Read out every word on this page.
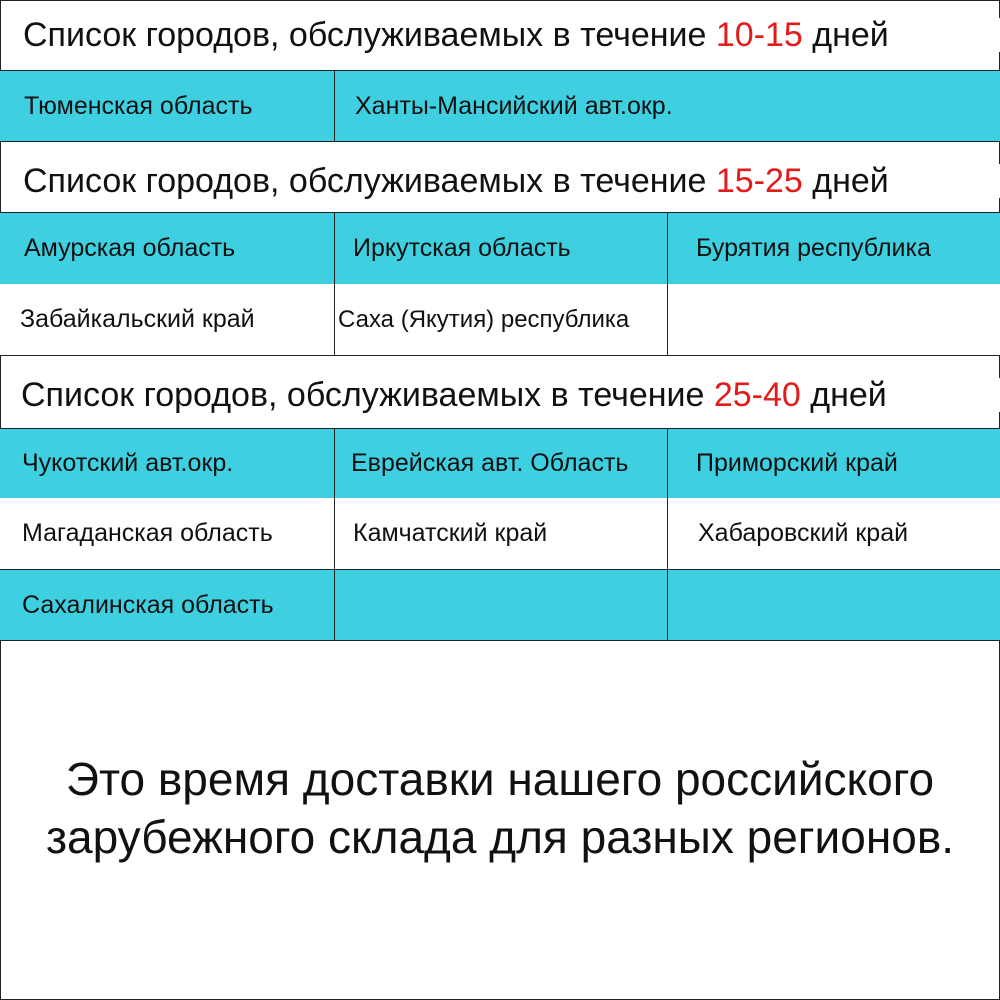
Список городов, обслуживаемых в течение 10-15 дней
Тюменская область	Ханты-Мансийский авт.окр.
Список городов, обслуживаемых в течение 15-25 дней
Амурская область	Иркутская область	Бурятия республика
Забайкальский край	Саха (Якутия) республика
Список городов, обслуживаемых в течение 25-40 дней
Чукотский авт.окр.	Еврейская авт. Область	Приморский край
Магаданская область	Камчатский край	Хабаровский край
Сахалинская область
Это время доставки нашего российского
зарубежного склада для разных регионов.
